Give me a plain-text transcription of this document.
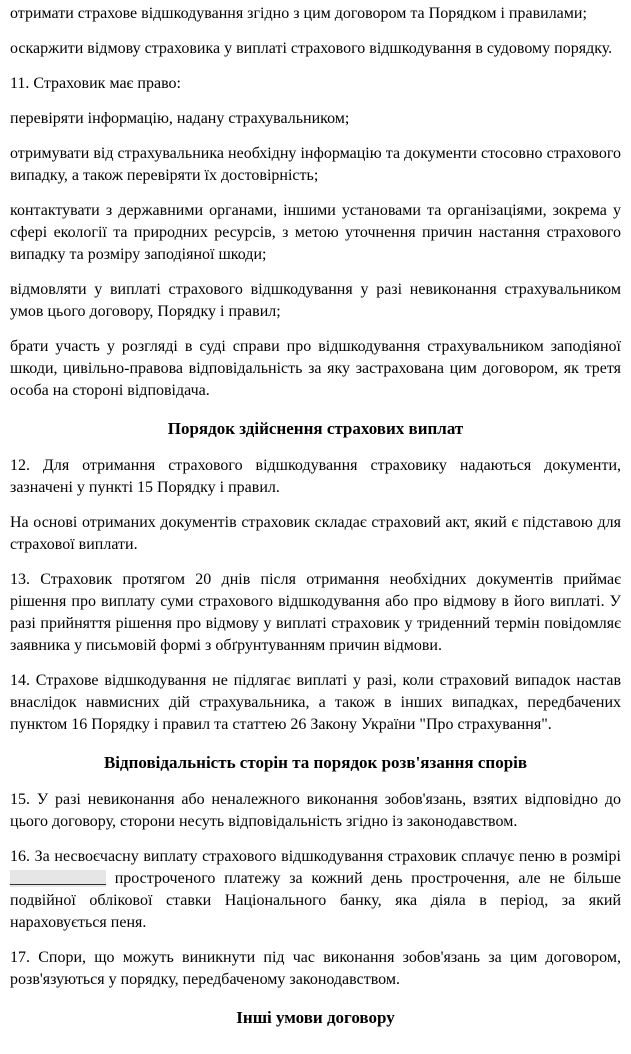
отримати страхове відшкодування згідно з цим договором та Порядком і правилами;

оскаржити відмову страховика у виплаті страхового відшкодування в судовому порядку.

11. Страховик має право:

перевіряти інформацію, надану страхувальником;

отримувати від страхувальника необхідну інформацію та документи стосовно страхового випадку, а також перевіряти їх достовірність;

контактувати з державними органами, іншими установами та організаціями, зокрема у сфері екології та природних ресурсів, з метою уточнення причин настання страхового випадку та розміру заподіяної шкоди;

відмовляти у виплаті страхового відшкодування у разі невиконання страхувальником умов цього договору, Порядку і правил;

брати участь у розгляді в суді справи про відшкодування страхувальником заподіяної шкоди, цивільно-правова відповідальність за яку застрахована цим договором, як третя особа на стороні відповідача.

Порядок здійснення страхових виплат

12. Для отримання страхового відшкодування страховику надаються документи, зазначені у пункті 15 Порядку і правил.

На основі отриманих документів страховик складає страховий акт, який є підставою для страхової виплати.

13. Страховик протягом 20 днів після отримання необхідних документів приймає рішення про виплату суми страхового відшкодування або про відмову в його виплаті. У разі прийняття рішення про відмову у виплаті страховик у триденний термін повідомляє заявника у письмовій формі з обґрунтуванням причин відмови.

14. Страхове відшкодування не підлягає виплаті у разі, коли страховий випадок настав внаслідок навмисних дій страхувальника, а також в інших випадках, передбачених пунктом 16 Порядку і правил та статтею 26 Закону України "Про страхування".

Відповідальність сторін та порядок розв'язання спорів

15. У разі невиконання або неналежного виконання зобов'язань, взятих відповідно до цього договору, сторони несуть відповідальність згідно із законодавством.

16. За несвоєчасну виплату страхового відшкодування страховик сплачує пеню в розмірі ____________ простроченого платежу за кожний день прострочення, але не більше подвійної облікової ставки Національного банку, яка діяла в період, за який нараховується пеня.

17. Спори, що можуть виникнути під час виконання зобов'язань за цим договором, розв'язуються у порядку, передбаченому законодавством.

Інші умови договору
